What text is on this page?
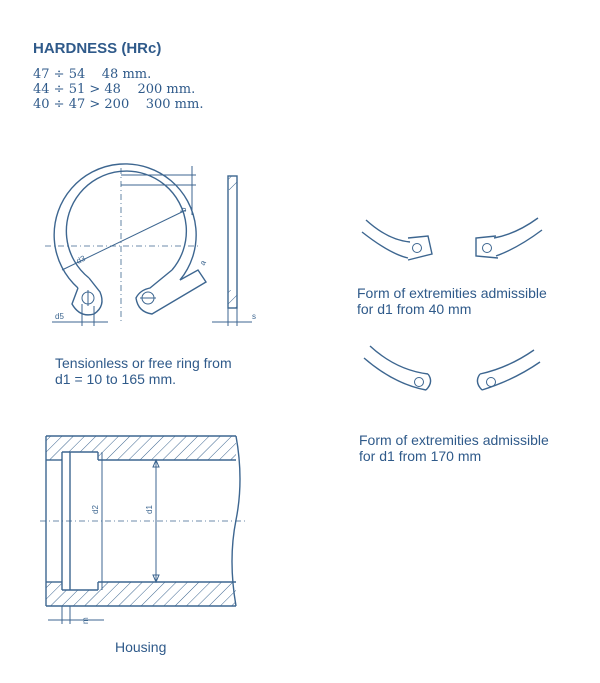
HARDNESS (HRc)
47 ÷ 54    48 mm.
44 ÷ 51 > 48    200 mm.
40 ÷ 47 > 200    300 mm.
d3
b
a
d5	s
d2	d1
m
Tensionless or free ring from
d1 = 10 to 165 mm.
Form of extremities admissible
for d1 from 40 mm
Form of extremities admissible
for d1 from 170 mm
Housing
